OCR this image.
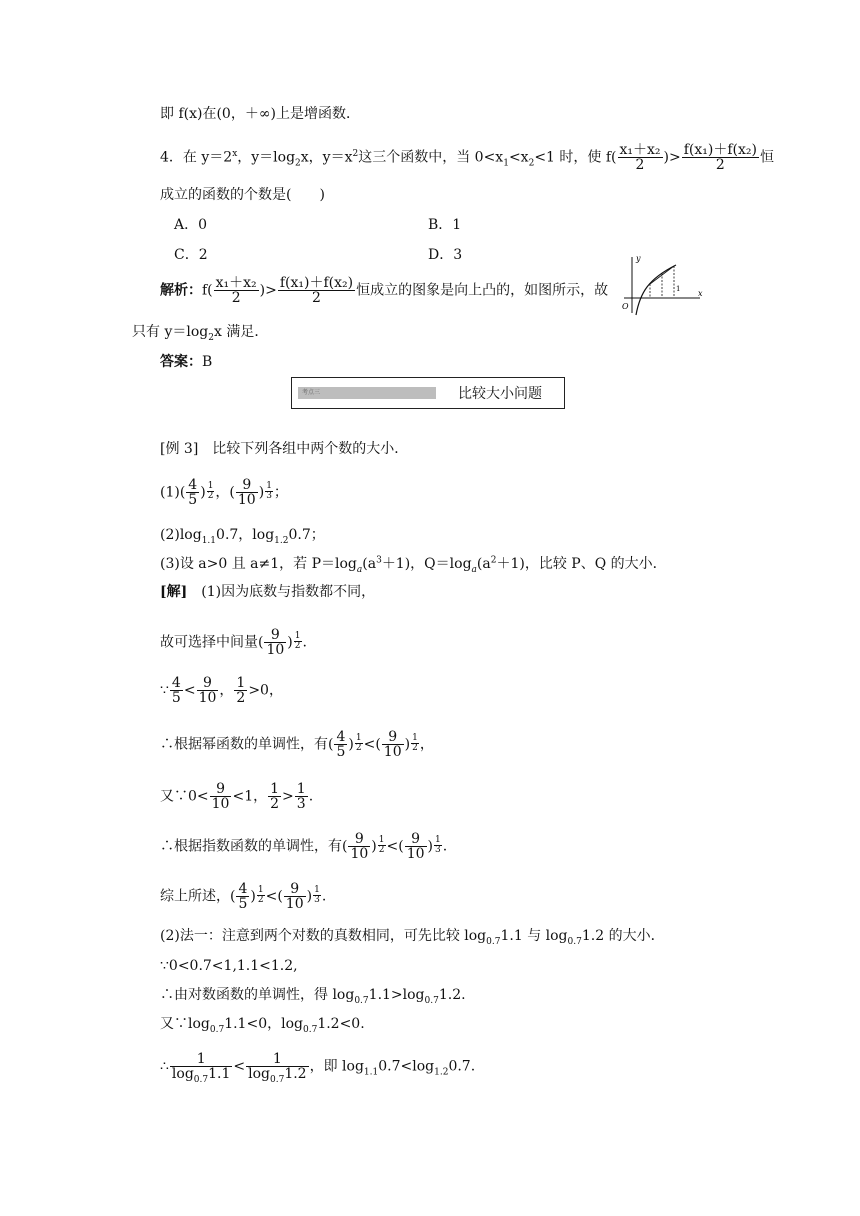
即 f(x)在(0，＋∞)上是增函数．
4．在 $y=2^x$，$y=\log_2x$，$y=x^2$这三个函数中，当 $0<x_1<x_2<1$ 时，使 $f( \frac{\text{x₁＋x₂}}{2}$ )> $\frac{\text{f(x₁)＋f(x₂)}}{2}$ 恒
成立的函数的个数是(　　)
A．0	B．1
C．2	D．3
解析：$f( \frac{\text{x₁＋x₂}}{2}$ )> $\frac{\text{f(x₁)＋f(x₂)}}{2}$ 恒成立的图象是向上凸的，如图所示，故
只有 $y=\log_2x$ 满足．
y
x
O
1
答案：B
考点三	比较大小问题
[例 3]　比较下列各组中两个数的大小．
$(1)( \frac{4}{5}$ ) $\frac{1}{2}$ ，( $\frac{9}{10}$ ) $\frac{1}{3}$ ；
$(2)\log_{1.1}0.7$，$\log_{1.2}0.7$；
(3)设 a>0 且 a≠1，若 $P=\log_a(a^3+1)$，$Q=\log_a(a^2+1)$，比较 P、Q 的大小．
[解]　(1)因为底数与指数都不同，
故可选择中间量( $\frac{9}{10}$ ) $\frac{1}{2}$ .
∵ $\frac{4}{5} < \frac{9}{10}$ ， $\frac{1}{2} >0$，
∴根据幂函数的单调性，有( $\frac{4}{5}$ ) $\frac{1}{2}$ <( $\frac{9}{10}$ ) $\frac{1}{2}$ ，
又∵0< $\frac{9}{10} <1$， $\frac{1}{2} > \frac{1}{3}$ .
∴根据指数函数的单调性，有( $\frac{9}{10}$ ) $\frac{1}{2}$ <( $\frac{9}{10}$ ) $\frac{1}{3}$ .
综上所述，( $\frac{4}{5}$ ) $\frac{1}{2}$ <( $\frac{9}{10}$ ) $\frac{1}{3}$ .
(2)法一：注意到两个对数的真数相同，可先比较 $\log_{0.7}1.1$ 与 $\log_{0.7}1.2$ 的大小．
∵0<0.7<1,1.1<1.2,
∴由对数函数的单调性，得 $\log_{0.7}1.1>\log_{0.7}1.2$.
又$\because\log_{0.7}1.1<0$，$\log_{0.7}1.2<0$.
∴ $\frac{1}{\log_{0.7}1.1} < \frac{1}{\log_{0.7}1.2}$ ，即 $\log_{1.1}0.7<\log_{1.2}0.7$.
